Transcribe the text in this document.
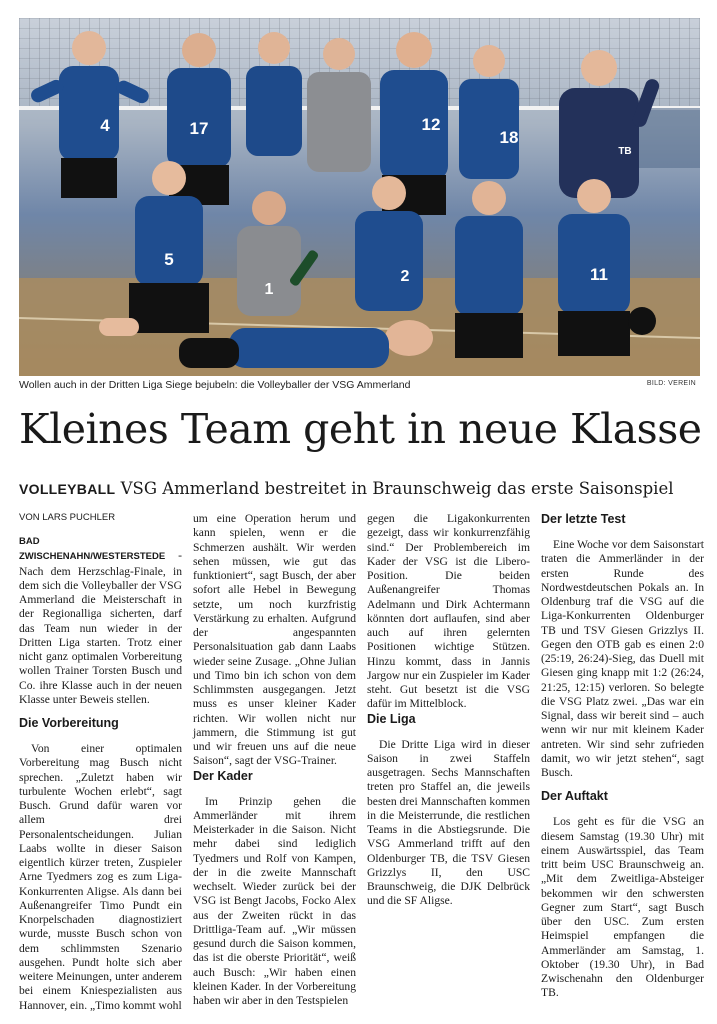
4	17	12
18
5
1
2	11
TB
Wollen auch in der Dritten Liga Siege bejubeln: die Volleyballer der VSG Ammerland	BILD: VEREIN
Kleines Team geht in neue Klasse
VOLLEYBALL VSG Ammerland bestreitet in Braunschweig das erste Saisonspiel

VON LARS PUCHLER

BAD ZWISCHENAHN/WESTERSTEDE - Nach dem Herzschlag-Finale, in dem sich die Volleyballer der VSG Ammerland die Meisterschaft in der Regionalliga sicherten, darf das Team nun wieder in der Dritten Liga starten. Trotz einer nicht ganz optimalen Vorbereitung wollen Trainer Torsten Busch und Co. ihre Klasse auch in der neuen Klasse unter Beweis stellen.

Die Vorbereitung

Von einer optimalen Vorbereitung mag Busch nicht sprechen. „Zuletzt haben wir turbulente Wochen erlebt“, sagt Busch. Grund dafür waren vor allem drei Personalentscheidungen. Julian Laabs wollte in dieser Saison eigentlich kürzer treten, Zuspieler Arne Tyedmers zog es zum Liga-Konkurrenten Aligse. Als dann bei Außenangreifer Timo Pundt ein Knorpelschaden diagnostiziert wurde, musste Busch schon von dem schlimmsten Szenario ausgehen. Pundt holte sich aber weitere Meinungen, unter anderem bei einem Kniespezialisten aus Hannover, ein. „Timo kommt wohl

um eine Operation herum und kann spielen, wenn er die Schmerzen aushält. Wir werden sehen müssen, wie gut das funktioniert“, sagt Busch, der aber sofort alle Hebel in Bewegung setzte, um noch kurzfristig Verstärkung zu erhalten. Aufgrund der angespannten Personalsituation gab dann Laabs wieder seine Zusage. „Ohne Julian und Timo bin ich schon von dem Schlimmsten ausgegangen. Jetzt muss es unser kleiner Kader richten. Wir wollen nicht nur jammern, die Stimmung ist gut und wir freuen uns auf die neue Saison“, sagt der VSG-Trainer.

Der Kader

Im Prinzip gehen die Ammerländer mit ihrem Meisterkader in die Saison. Nicht mehr dabei sind lediglich Tyedmers und Rolf von Kampen, der in die zweite Mannschaft wechselt. Wieder zurück bei der VSG ist Bengt Jacobs, Focko Alex aus der Zweiten rückt in das Drittliga-Team auf. „Wir müssen gesund durch die Saison kommen, das ist die oberste Priorität“, weiß auch Busch: „Wir haben einen kleinen Kader. In der Vorbereitung haben wir aber in den Testspielen

gegen die Ligakonkurrenten gezeigt, dass wir konkurrenzfähig sind.“ Der Problembereich im Kader der VSG ist die Libero-Position. Die beiden Außenangreifer Thomas Adelmann und Dirk Achtermann könnten dort auflaufen, sind aber auch auf ihren gelernten Positionen wichtige Stützen. Hinzu kommt, dass in Jannis Jargow nur ein Zuspieler im Kader steht. Gut besetzt ist die VSG dafür im Mittelblock.

Die Liga

Die Dritte Liga wird in dieser Saison in zwei Staffeln ausgetragen. Sechs Mannschaften treten pro Staffel an, die jeweils besten drei Mannschaften kommen in die Meisterrunde, die restlichen Teams in die Abstiegsrunde. Die VSG Ammerland trifft auf den Oldenburger TB, die TSV Giesen Grizzlys II, den USC Braunschweig, die DJK Delbrück und die SF Aligse.

Der letzte Test

Eine Woche vor dem Saisonstart traten die Ammerländer in der ersten Runde des Nordwestdeutschen Pokals an. In Oldenburg traf die VSG auf die Liga-Konkurrenten Oldenburger TB und TSV Giesen Grizzlys II. Gegen den OTB gab es einen 2:0 (25:19, 26:24)-Sieg, das Duell mit Giesen ging knapp mit 1:2 (26:24, 21:25, 12:15) verloren. So belegte die VSG Platz zwei. „Das war ein Signal, dass wir bereit sind – auch wenn wir nur mit kleinem Kader antreten. Wir sind sehr zufrieden damit, wo wir jetzt stehen“, sagt Busch.

Der Auftakt

Los geht es für die VSG an diesem Samstag (19.30 Uhr) mit einem Auswärtsspiel, das Team tritt beim USC Braunschweig an. „Mit dem Zweitliga-Absteiger bekommen wir den schwersten Gegner zum Start“, sagt Busch über den USC. Zum ersten Heimspiel empfangen die Ammerländer am Samstag, 1. Oktober (19.30 Uhr), in Bad Zwischenahn den Oldenburger TB.
